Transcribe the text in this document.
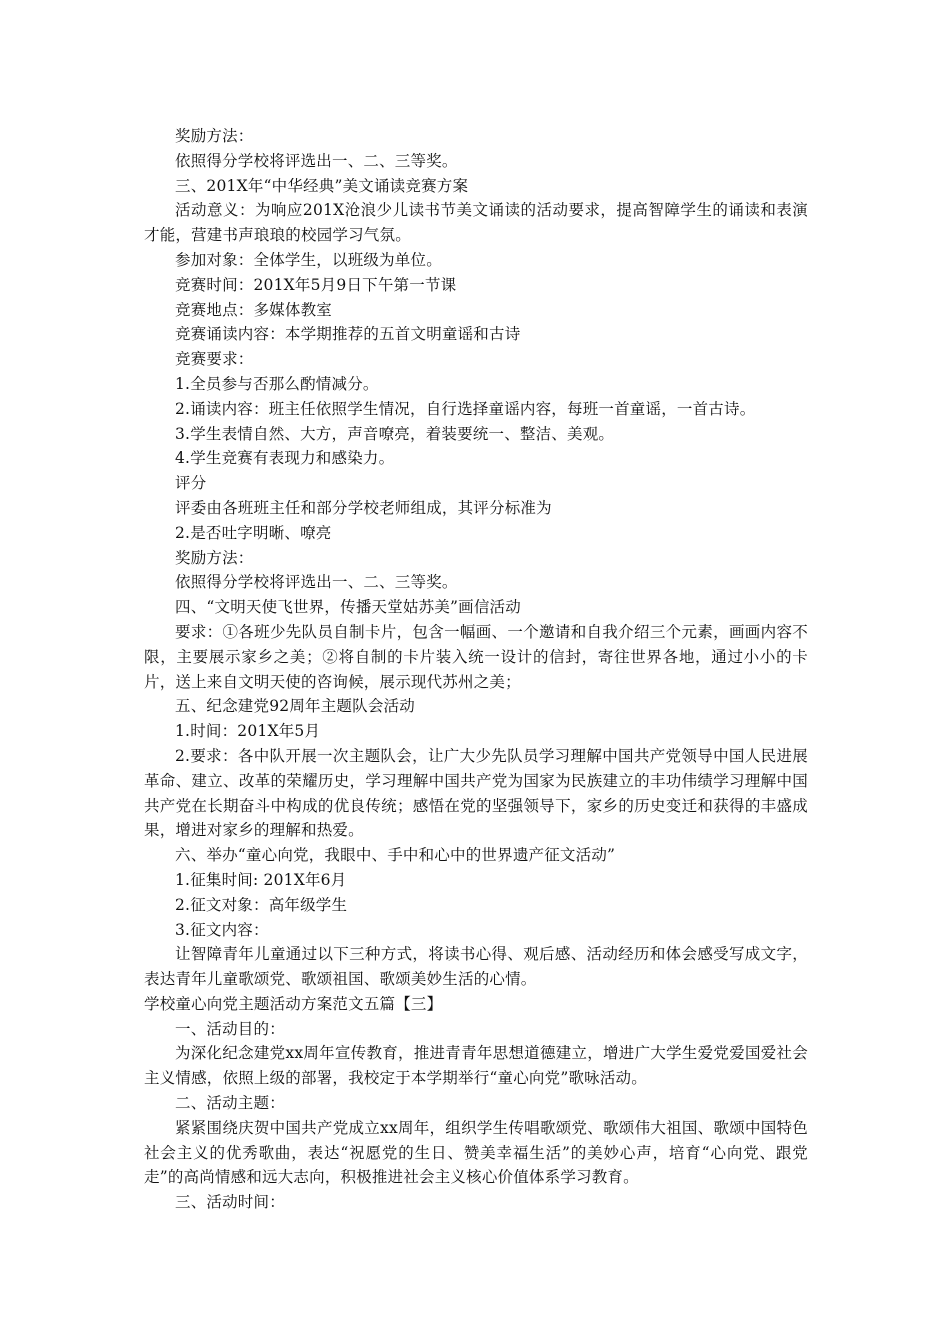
奖励方法：

依照得分学校将评选出一、二、三等奖。

三、201X年“中华经典”美文诵读竞赛方案

活动意义：为响应201X沧浪少儿读书节美文诵读的活动要求，提高智障学生的诵读和表演才能，营建书声琅琅的校园学习气氛。

参加对象：全体学生，以班级为单位。

竞赛时间：201X年5月9日下午第一节课

竞赛地点：多媒体教室

竞赛诵读内容：本学期推荐的五首文明童谣和古诗

竞赛要求：

1.全员参与否那么酌情减分。

2.诵读内容：班主任依照学生情况，自行选择童谣内容，每班一首童谣，一首古诗。

3.学生表情自然、大方，声音嘹亮，着装要统一、整洁、美观。

4.学生竞赛有表现力和感染力。

评分

评委由各班班主任和部分学校老师组成，其评分标准为

2.是否吐字明晰、嘹亮

奖励方法：

依照得分学校将评选出一、二、三等奖。

四、“文明天使飞世界，传播天堂姑苏美”画信活动

要求：①各班少先队员自制卡片，包含一幅画、一个邀请和自我介绍三个元素，画画内容不限，主要展示家乡之美；②将自制的卡片装入统一设计的信封，寄往世界各地，通过小小的卡片，送上来自文明天使的咨询候，展示现代苏州之美；

五、纪念建党92周年主题队会活动

1.时间：201X年5月

2.要求：各中队开展一次主题队会，让广大少先队员学习理解中国共产党领导中国人民进展革命、建立、改革的荣耀历史，学习理解中国共产党为国家为民族建立的丰功伟绩学习理解中国共产党在长期奋斗中构成的优良传统；感悟在党的坚强领导下，家乡的历史变迁和获得的丰盛成果，增进对家乡的理解和热爱。

六、举办“童心向党，我眼中、手中和心中的世界遗产征文活动”

1.征集时间: 201X年6月

2.征文对象：高年级学生

3.征文内容：

让智障青年儿童通过以下三种方式，将读书心得、观后感、活动经历和体会感受写成文字，表达青年儿童歌颂党、歌颂祖国、歌颂美妙生活的心情。

学校童心向党主题活动方案范文五篇【三】

一、活动目的：

为深化纪念建党xx周年宣传教育，推进青青年思想道德建立，增进广大学生爱党爱国爱社会主义情感，依照上级的部署，我校定于本学期举行“童心向党”歌咏活动。

二、活动主题：

紧紧围绕庆贺中国共产党成立xx周年，组织学生传唱歌颂党、歌颂伟大祖国、歌颂中国特色社会主义的优秀歌曲，表达“祝愿党的生日、赞美幸福生活”的美妙心声，培育“心向党、跟党走”的高尚情感和远大志向，积极推进社会主义核心价值体系学习教育。

三、活动时间：
